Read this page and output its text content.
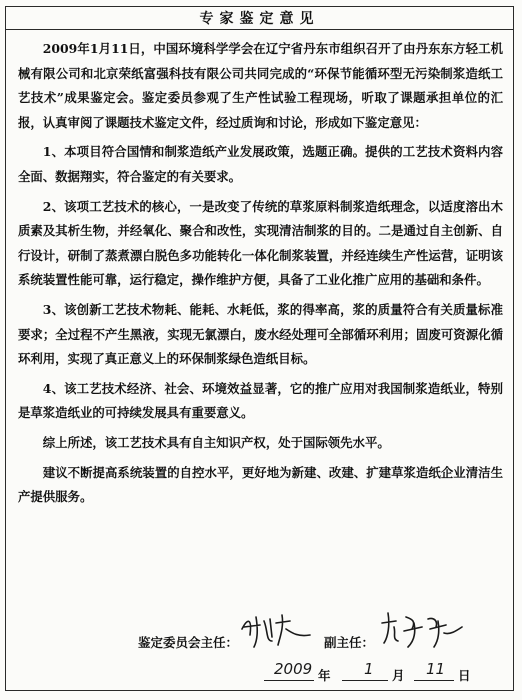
专家鉴定意见

2009年1月11日，中国环境科学学会在辽宁省丹东市组织召开了由丹东东方轻工机械有限公司和北京荣纸富强科技有限公司共同完成的“环保节能循环型无污染制浆造纸工艺技术”成果鉴定会。鉴定委员参观了生产性试验工程现场，听取了课题承担单位的汇报，认真审阅了课题技术鉴定文件，经过质询和讨论，形成如下鉴定意见：

1、本项目符合国情和制浆造纸产业发展政策，选题正确。提供的工艺技术资料内容全面、数据翔实，符合鉴定的有关要求。

2、该项工艺技术的核心，一是改变了传统的草浆原料制浆造纸理念，以适度溶出木质素及其析生物，并经氧化、聚合和改性，实现清洁制浆的目的。二是通过自主创新、自行设计，研制了蒸煮漂白脱色多功能转化一体化制浆装置，并经连续生产性运营，证明该系统装置性能可靠，运行稳定，操作维护方便，具备了工业化推广应用的基础和条件。

3、该创新工艺技术物耗、能耗、水耗低，浆的得率高，浆的质量符合有关质量标准要求；全过程不产生黑液，实现无氯漂白，废水经处理可全部循环利用；固废可资源化循环利用，实现了真正意义上的环保制浆绿色造纸目标。

4、该工艺技术经济、社会、环境效益显著，它的推广应用对我国制浆造纸业，特别是草浆造纸业的可持续发展具有重要意义。

综上所述，该工艺技术具有自主知识产权，处于国际领先水平。

建议不断提高系统装置的自控水平，更好地为新建、改建、扩建草浆造纸企业清洁生产提供服务。

鉴定委员会主任：	副主任：
2009 年 1 月 11 日
